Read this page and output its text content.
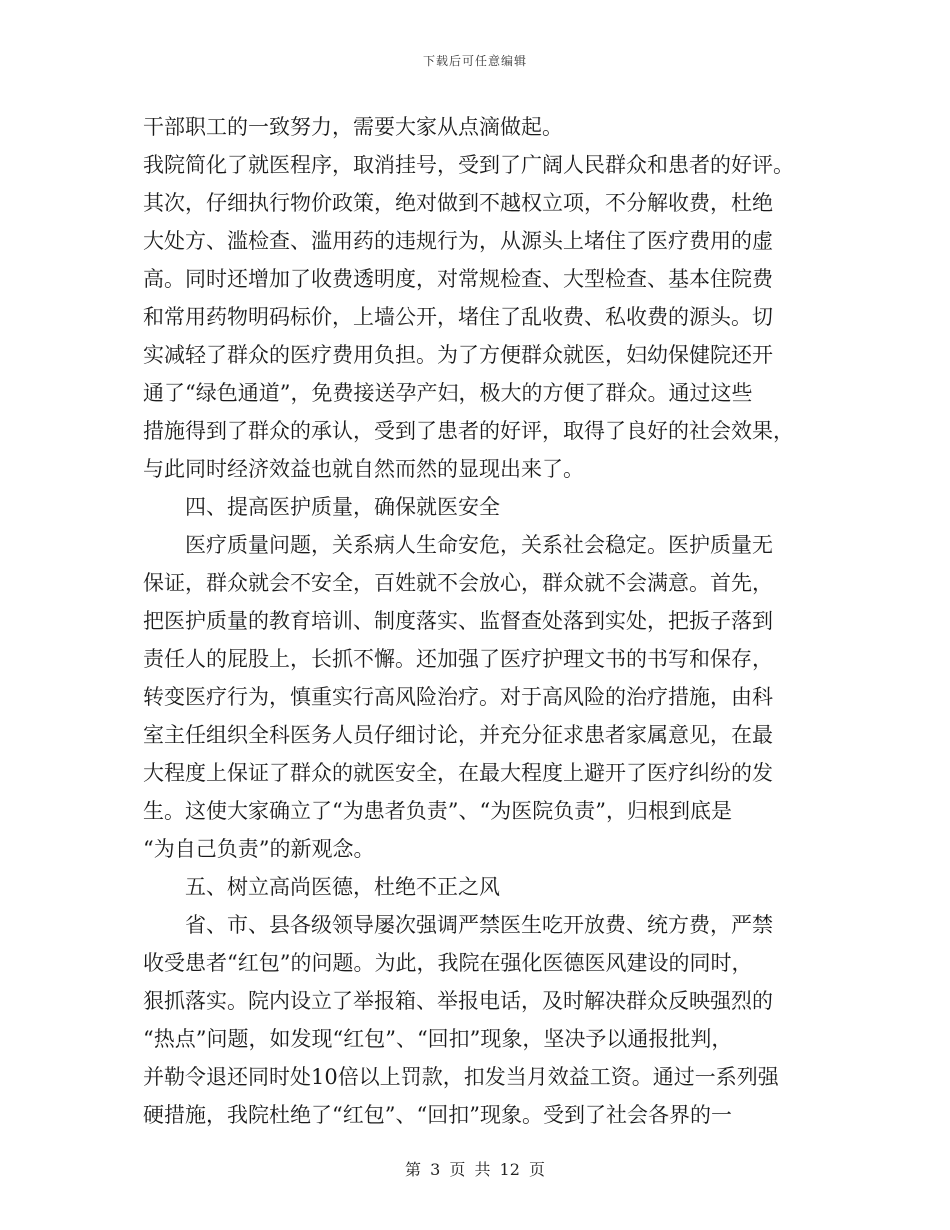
下载后可任意编辑
干部职工的一致努力，需要大家从点滴做起。
我院简化了就医程序，取消挂号，受到了广阔人民群众和患者的好评。
其次，仔细执行物价政策，绝对做到不越权立项，不分解收费，杜绝
大处方、滥检查、滥用药的违规行为，从源头上堵住了医疗费用的虚
高。同时还增加了收费透明度，对常规检查、大型检查、基本住院费
和常用药物明码标价，上墙公开，堵住了乱收费、私收费的源头。切
实减轻了群众的医疗费用负担。为了方便群众就医，妇幼保健院还开
通了“绿色通道”，免费接送孕产妇，极大的方便了群众。通过这些
措施得到了群众的承认，受到了患者的好评，取得了良好的社会效果，
与此同时经济效益也就自然而然的显现出来了。
四、提高医护质量，确保就医安全
医疗质量问题，关系病人生命安危，关系社会稳定。医护质量无
保证，群众就会不安全，百姓就不会放心，群众就不会满意。首先，
把医护质量的教育培训、制度落实、监督查处落到实处，把扳子落到
责任人的屁股上，长抓不懈。还加强了医疗护理文书的书写和保存，
转变医疗行为，慎重实行高风险治疗。对于高风险的治疗措施，由科
室主任组织全科医务人员仔细讨论，并充分征求患者家属意见，在最
大程度上保证了群众的就医安全，在最大程度上避开了医疗纠纷的发
生。这使大家确立了“为患者负责”、“为医院负责”，归根到底是
“为自己负责”的新观念。
五、树立高尚医德，杜绝不正之风
省、市、县各级领导屡次强调严禁医生吃开放费、统方费，严禁
收受患者“红包”的问题。为此，我院在强化医德医风建设的同时，
狠抓落实。院内设立了举报箱、举报电话，及时解决群众反映强烈的
“热点”问题，如发现“红包”、“回扣”现象，坚决予以通报批判，
并勒令退还同时处10倍以上罚款，扣发当月效益工资。通过一系列强
硬措施，我院杜绝了“红包”、“回扣”现象。受到了社会各界的一
第 3 页 共 12 页
